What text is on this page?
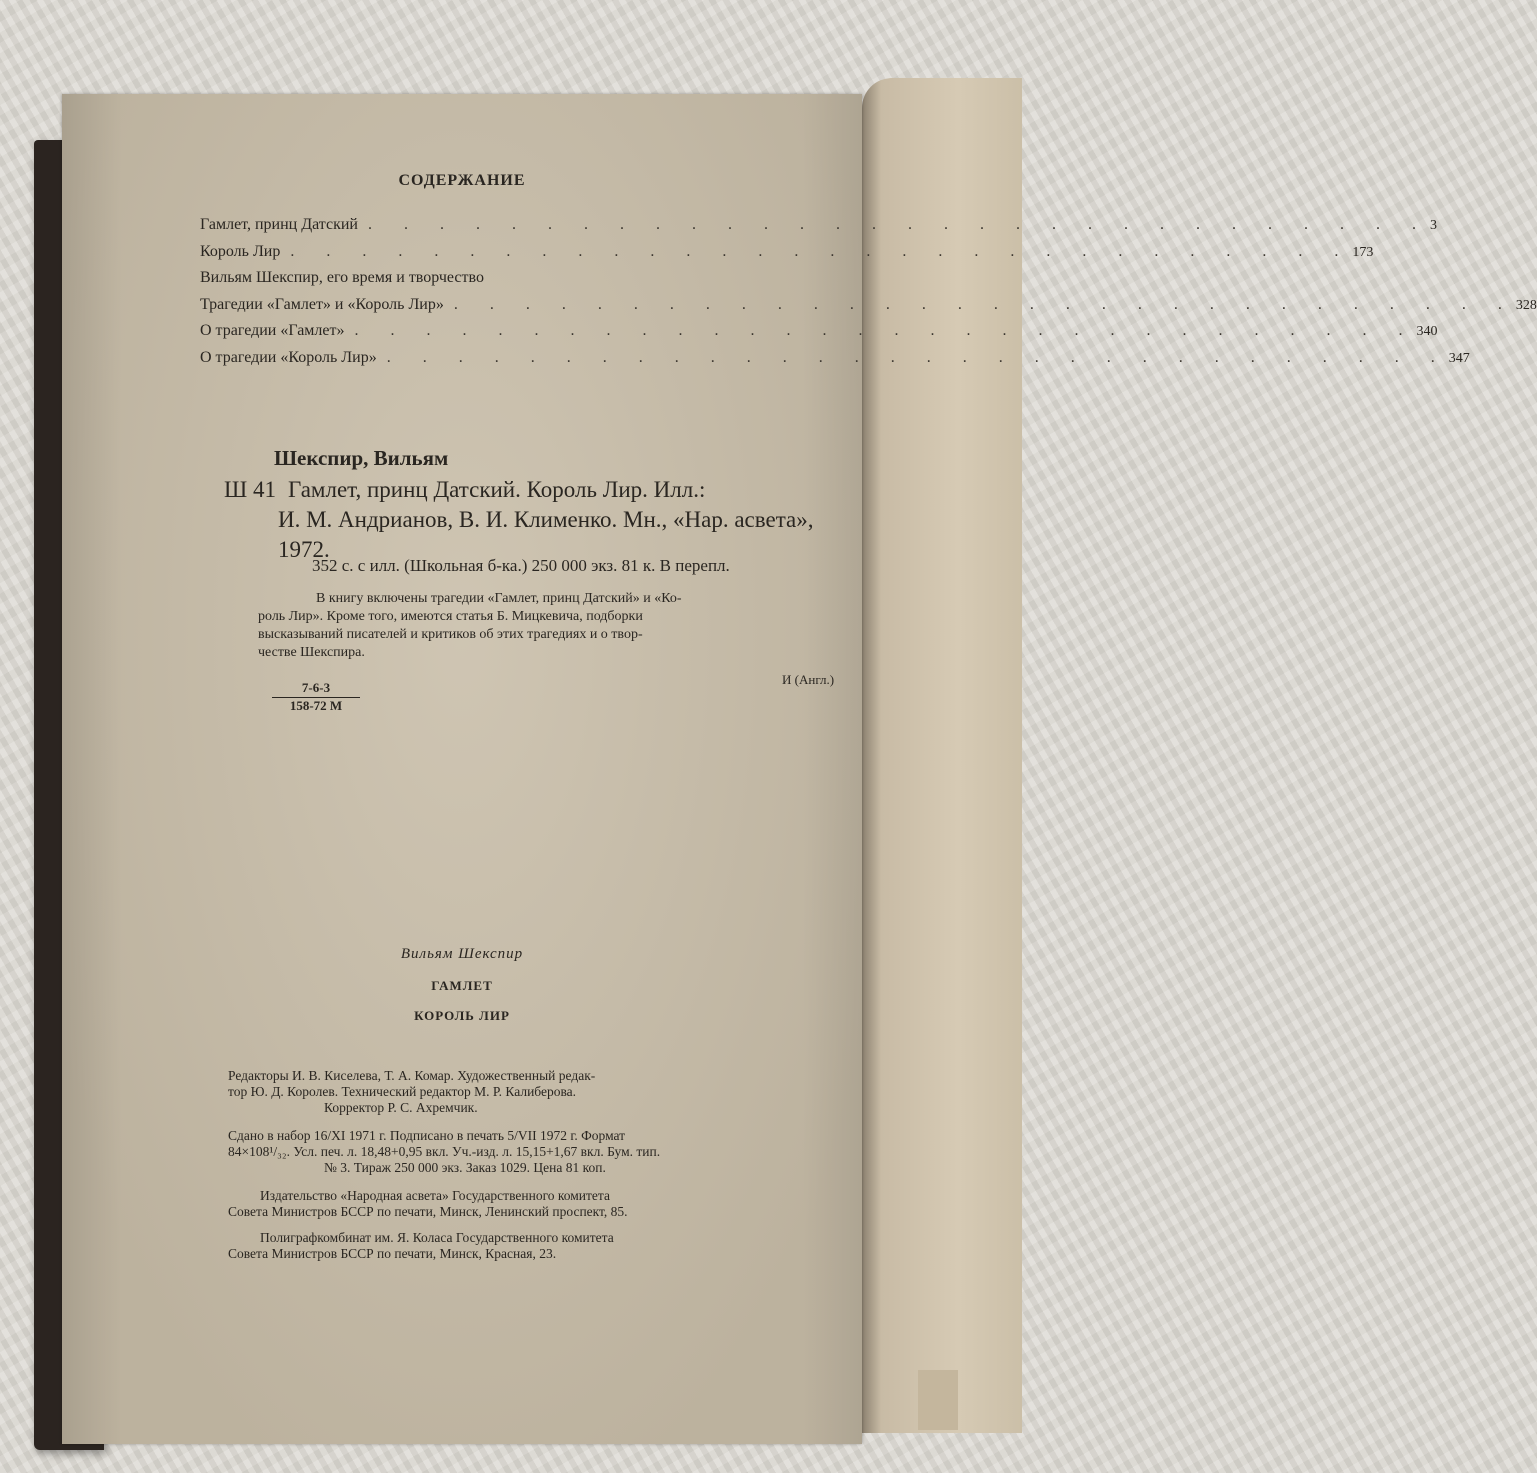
СОДЕРЖАНИЕ
Гамлет, принц Датский . . . . . . . . . . . . . . . . . . . . . . . . . . . . . . 3
Король Лир . . . . . . . . . . . . . . . . . . . . . . . . . . . . . . 173
Вильям Шекспир, его время и творчество
Трагедии «Гамлет» и «Король Лир» . . . . . . . . . . . . . . . . . . . . . . . . . . . . . . 328
О трагедии «Гамлет» . . . . . . . . . . . . . . . . . . . . . . . . . . . . . . 340
О трагедии «Король Лир» . . . . . . . . . . . . . . . . . . . . . . . . . . . . . . 347
Шекспир, Вильям
Ш 41 Гамлет, принц Датский. Король Лир. Илл.:
И. М. Андрианов, В. И. Клименко. Мн., «Нар. асвета»,
1972.
352 с. с илл. (Школьная б-ка.) 250 000 экз. 81 к. В перепл.
В книгу включены трагедии «Гамлет, принц Датский» и «Ко-
роль Лир». Кроме того, имеются статья Б. Мицкевича, подборки
высказываний писателей и критиков об этих трагедиях и о твор-
честве Шекспира.
И (Англ.)
7-6-3
158-72 М
Вильям Шекспир
ГАМЛЕТ
КОРОЛЬ ЛИР
Редакторы И. В. Киселева, Т. А. Комар. Художественный редак-
тор Ю. Д. Королев. Технический редактор М. Р. Калиберова.
Корректор Р. С. Ахремчик.
Сдано в набор 16/XI 1971 г. Подписано в печать 5/VII 1972 г. Формат
84×108¹/₃₂. Усл. печ. л. 18,48+0,95 вкл. Уч.-изд. л. 15,15+1,67 вкл. Бум. тип.
№ 3. Тираж 250 000 экз. Заказ 1029. Цена 81 коп.
Издательство «Народная асвета» Государственного комитета
Совета Министров БССР по печати, Минск, Ленинский проспект, 85.
Полиграфкомбинат им. Я. Коласа Государственного комитета
Совета Министров БССР по печати, Минск, Красная, 23.
